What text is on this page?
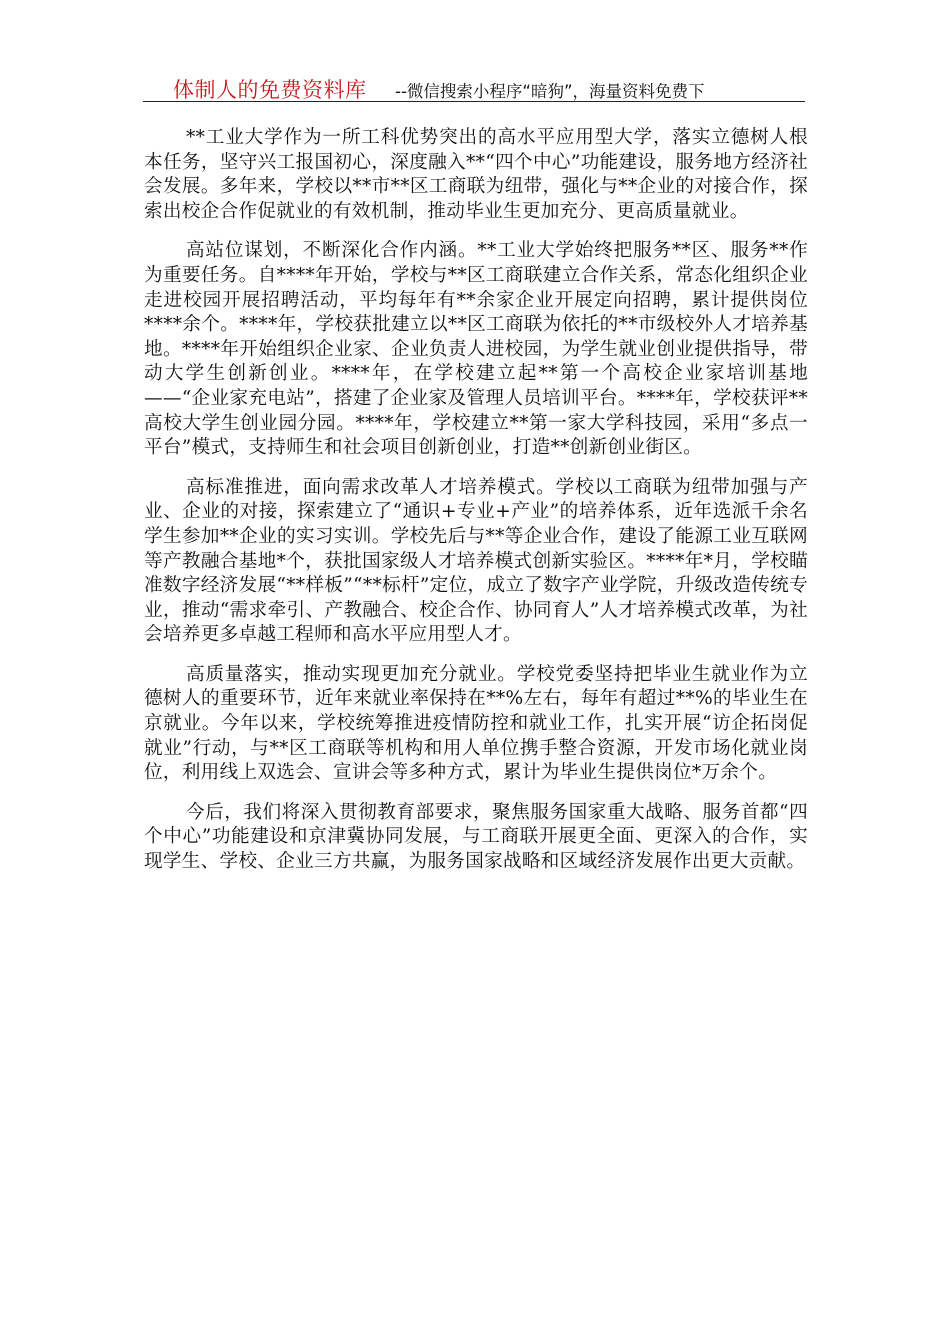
体制人的免费资料库 --微信搜索小程序“暗狗”，海量资料免费下

**工业大学作为一所工科优势突出的高水平应用型大学，落实立德树人根本任务，坚守兴工报国初心，深度融入**“四个中心”功能建设，服务地方经济社会发展。多年来，学校以**市**区工商联为纽带，强化与**企业的对接合作，探索出校企合作促就业的有效机制，推动毕业生更加充分、更高质量就业。

高站位谋划，不断深化合作内涵。**工业大学始终把服务**区、服务**作为重要任务。自****年开始，学校与**区工商联建立合作关系，常态化组织企业走进校园开展招聘活动，平均每年有**余家企业开展定向招聘，累计提供岗位****余个。****年，学校获批建立以**区工商联为依托的**市级校外人才培养基地。****年开始组织企业家、企业负责人进校园，为学生就业创业提供指导，带动大学生创新创业。****年，在学校建立起**第一个高校企业家培训基地——“企业家充电站”，搭建了企业家及管理人员培训平台。****年，学校获评**高校大学生创业园分园。****年，学校建立**第一家大学科技园，采用“多点一平台”模式，支持师生和社会项目创新创业，打造**创新创业街区。

高标准推进，面向需求改革人才培养模式。学校以工商联为纽带加强与产业、企业的对接，探索建立了“通识+专业+产业”的培养体系，近年选派千余名学生参加**企业的实习实训。学校先后与**等企业合作，建设了能源工业互联网等产教融合基地*个，获批国家级人才培养模式创新实验区。****年*月，学校瞄准数字经济发展“**样板”“**标杆”定位，成立了数字产业学院，升级改造传统专业，推动“需求牵引、产教融合、校企合作、协同育人”人才培养模式改革，为社会培养更多卓越工程师和高水平应用型人才。

高质量落实，推动实现更加充分就业。学校党委坚持把毕业生就业作为立德树人的重要环节，近年来就业率保持在**%左右，每年有超过**%的毕业生在京就业。今年以来，学校统筹推进疫情防控和就业工作，扎实开展“访企拓岗促就业”行动，与**区工商联等机构和用人单位携手整合资源，开发市场化就业岗位，利用线上双选会、宣讲会等多种方式，累计为毕业生提供岗位*万余个。

今后，我们将深入贯彻教育部要求，聚焦服务国家重大战略、服务首都“四个中心”功能建设和京津冀协同发展，与工商联开展更全面、更深入的合作，实现学生、学校、企业三方共赢，为服务国家战略和区域经济发展作出更大贡献。
